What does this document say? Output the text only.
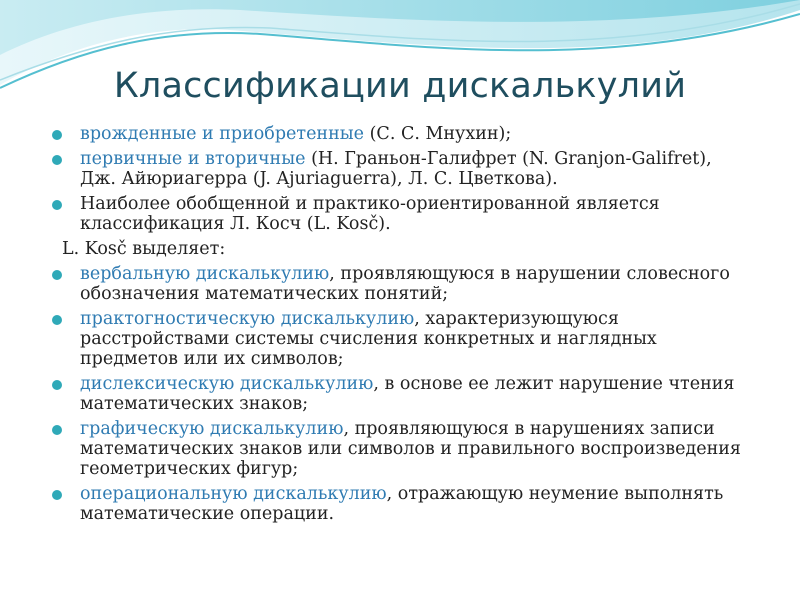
Классификации дискалькулий
врожденные и приобретенные (С. С. Мнухин);
первичные и вторичные (Н. Граньон-Галифрет (N. Granjon-Galifret), Дж. Айюриагерра (J. Ajuriaguerra), Л. С. Цветкова).
Наиболее обобщенной и практико-ориентированной является классификация Л. Косч (L. Kosč).
L. Kosč выделяет:
вербальную дискалькулию, проявляющуюся в нарушении словесного обозначения математических понятий;
практогностическую дискалькулию, характеризующуюся расстройствами системы счисления конкретных и наглядных предметов или их символов;
дислексическую дискалькулию, в основе ее лежит нарушение чтения математических знаков;
графическую дискалькулию, проявляющуюся в нарушениях записи математических знаков или символов и правильного воспроизведения геометрических фигур;
операциональную дискалькулию, отражающую неумение выполнять математические операции.
